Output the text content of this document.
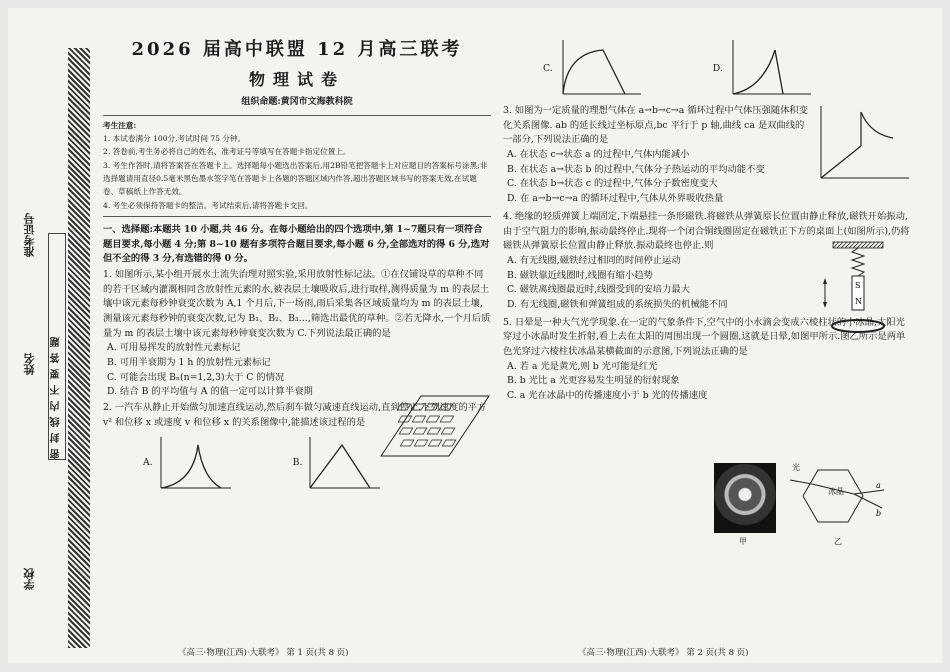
学校
姓名
准考证号
密封线内不要答题

2026 届高中联盟 12 月高三联考

物理试卷

组织命题:黄冈市文海教科院

考生注意:

1. 本试卷满分 100分,考试时间 75 分钟。

2. 答卷前,考生务必将自己的姓名、准考证号等填写在答题卡指定位置上。

3. 考生作答时,请将答案答在答题卡上。选择题每小题选出答案后,用2B铅笔把答题卡上对应题目的答案标号涂黑;非选择题请用直径0.5毫米黑色墨水签字笔在答题卡上各题的答题区域内作答,超出答题区域书写的答案无效,在试题卷、草稿纸上作答无效。

4. 考生必须保持答题卡的整洁。考试结束后,请将答题卡交回。

一、选择题:本题共 10 小题,共 46 分。在每小题给出的四个选项中,第 1~7题只有一项符合题目要求,每小题 4 分;第 8~10 题有多项符合题目要求,每小题 6 分,全部选对的得 6 分,选对但不全的得 3 分,有选错的得 0 分。

1. 如图所示,某小组开展水土流失治理对照实验,采用放射性标记法。①在仅铺设草的草种不同的若干区域内灌溉相同含放射性元素的水,被表层土壤吸收后,进行取样,测得质量为 m 的表层土壤中该元素每秒钟衰变次数为 A,1 个月后,下一场雨,雨后采集各区域质量均为 m 的表层土壤,测量该元素每秒钟的衰变次数,记为 B₁、B₂、B₃…,筛选出最优的草种。②若无降水,一个月后质量为 m 的表层土壤中该元素每秒钟衰变次数为 C.下列说法最正确的是

A. 可用易挥发的放射性元素标记

B. 可用半衰期为 1 h 的放射性元素标记

C. 可能会出现 Bₙ(n=1,2,3)大于 C 的情况

D. 结合 B 的平均值与 A 的值一定可以计算半衰期

2. 一汽车从静止开始做匀加速直线运动,然后刹车做匀减速直线运动,直到停止.下列速度的平方 v² 和位移 x 或速度 v 和位移 x 的关系图像中,能描述该过程的是

A.	B.
《高三·物理(江西)·大联考》 第 1 页(共 8 页)
C.	D.

3. 如图为一定质量的理想气体在 a→b→c→a 循环过程中气体压强随体积变化关系图像. ab 的延长线过坐标原点,bc 平行于 p 轴,曲线 ca 是双曲线的一部分,下列说法正确的是

A. 在状态 c→状态 a 的过程中,气体内能减小

B. 在状态 a→状态 b 的过程中,气体分子热运动的平均动能不变

C. 在状态 b→状态 c 的过程中,气体分子数密度变大

D. 在 a→b→c→a 的循环过程中,气体从外界吸收热量

4. 绝缘的轻质弹簧上端固定,下端悬挂一条形磁铁.将磁铁从弹簧原长位置由静止释放,磁铁开始振动,由于空气阻力的影响,振动最终停止.现将一个闭合铜线圈固定在磁铁正下方的桌面上(如图所示),仍将磁铁从弹簧原长位置由静止释放.振动最终也停止.则

A. 有无线圈,磁铁经过相同的时间停止运动

B. 磁铁靠近线圈时,线圈有缩小趋势

C. 磁铁离线圈最近时,线圈受到的安培力最大

D. 有无线圈,磁铁和弹簧组成的系统损失的机械能不同

S
N

5. 日晕是一种大气光学现象.在一定的气象条件下,空气中的小水滴会变成六棱柱状的小冰晶,太阳光穿过小冰晶时发生折射,看上去在太阳的周围出现一个圆圈,这就是日晕,如图甲所示.图乙所示是两单色光穿过六棱柱状冰晶某横截面的示意图,下列说法正确的是

A. 若 a 光是黄光,则 b 光可能是红光

B. b 光比 a 光更容易发生明显的衍射现象

C. a 光在冰晶中的传播速度小于 b 光的传播速度

甲
a
b
光
冰晶
乙
《高三·物理(江西)·大联考》 第 2 页(共 8 页)
